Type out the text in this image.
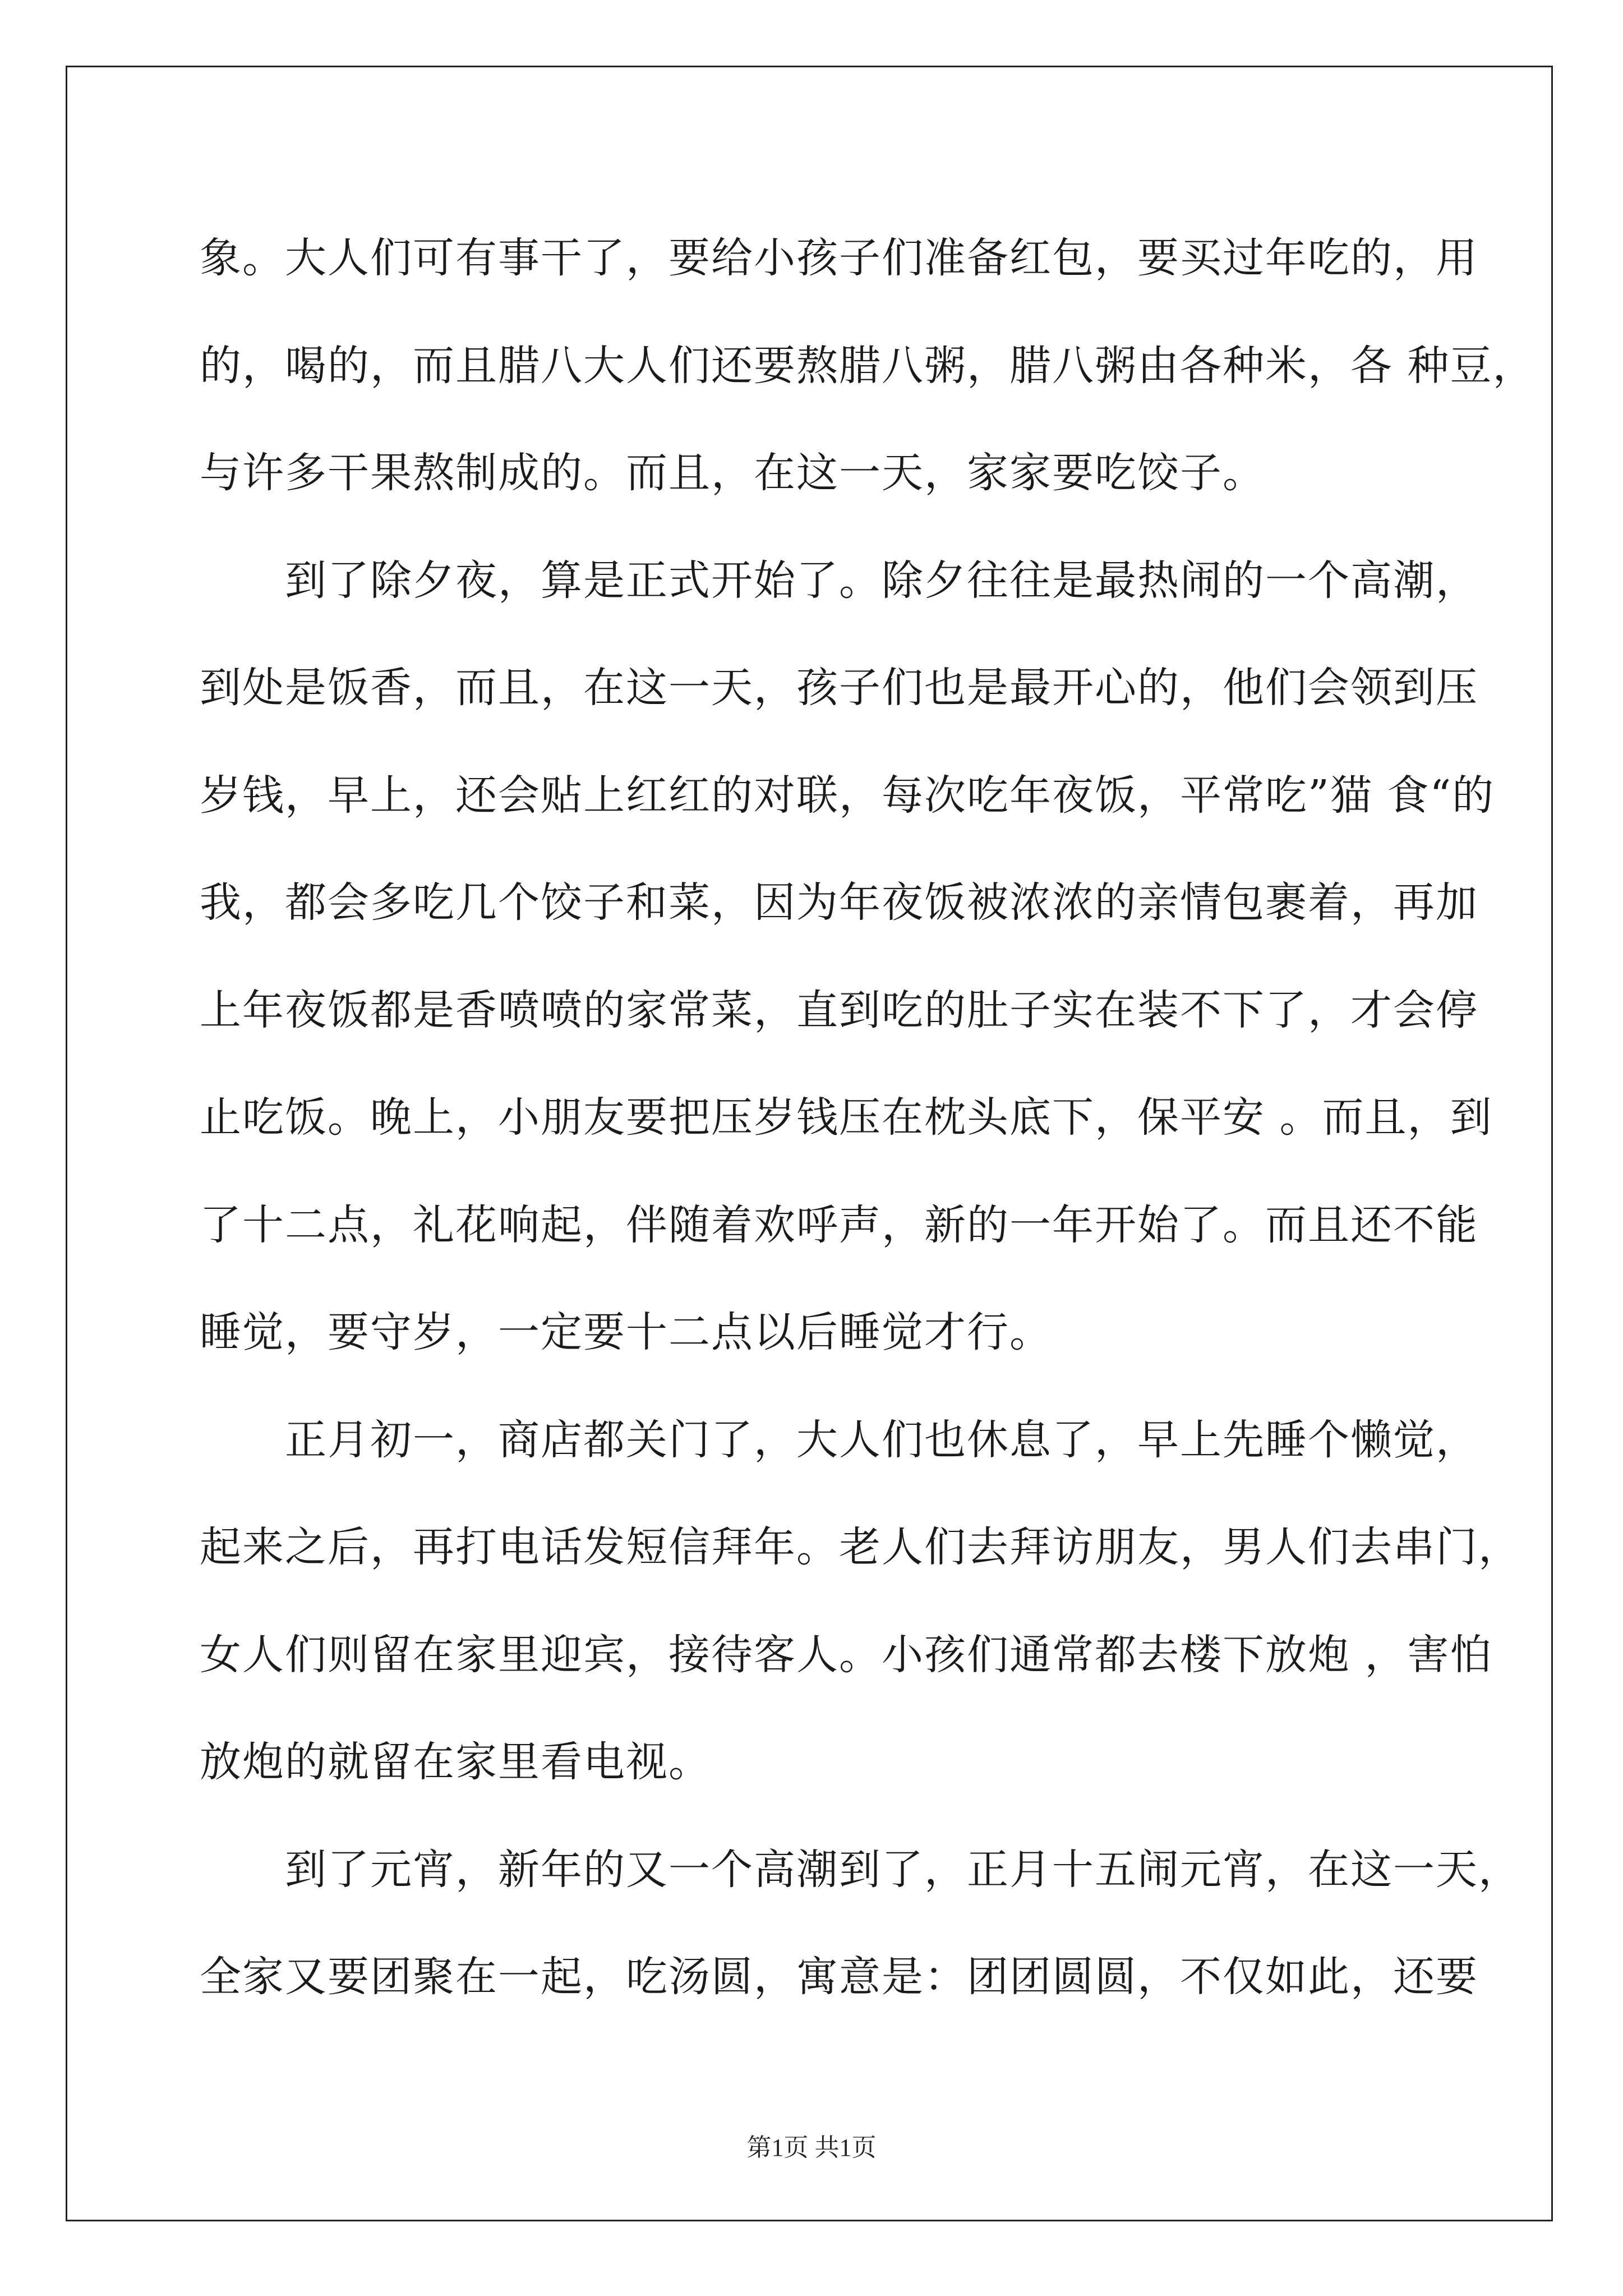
象。大人们可有事干了，要给小孩子们准备红包，要买过年吃的，用
的，喝的，而且腊八大人们还要熬腊八粥，腊八粥由各种米，各 种豆，
与许多干果熬制成的。而且，在这一天，家家要吃饺子。
　　到了除夕夜，算是正式开始了。除夕往往是最热闹的一个高潮，
到处是饭香，而且，在这一天，孩子们也是最开心的，他们会领到压
岁钱，早上，还会贴上红红的对联，每次吃年夜饭，平常吃”猫 食“的
我，都会多吃几个饺子和菜，因为年夜饭被浓浓的亲情包裹着，再加
上年夜饭都是香喷喷的家常菜，直到吃的肚子实在装不下了，才会停
止吃饭。晚上，小朋友要把压岁钱压在枕头底下，保平安 。而且，到
了十二点，礼花响起，伴随着欢呼声，新的一年开始了。而且还不能
睡觉，要守岁，一定要十二点以后睡觉才行。
　　正月初一，商店都关门了，大人们也休息了，早上先睡个懒觉，
起来之后，再打电话发短信拜年。老人们去拜访朋友，男人们去串门，
女人们则留在家里迎宾，接待客人。小孩们通常都去楼下放炮 ，害怕
放炮的就留在家里看电视。
　　到了元宵，新年的又一个高潮到了，正月十五闹元宵，在这一天，
全家又要团聚在一起，吃汤圆，寓意是：团团圆圆，不仅如此，还要
第1页 共1页
